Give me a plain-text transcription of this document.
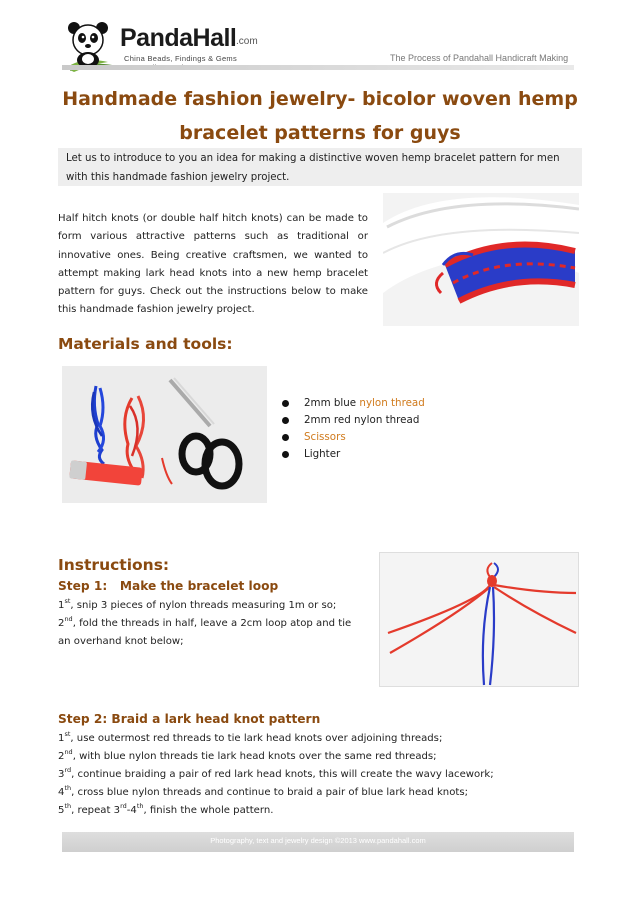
PandaHall .com
China Beads, Findings & Gems	The Process of Pandahall Handicraft Making
Handmade fashion jewelry- bicolor woven hemp bracelet patterns for guys
Let us to introduce to you an idea for making a distinctive woven hemp bracelet pattern for men with this handmade fashion jewelry project.
Half hitch knots (or double half hitch knots) can be made to form various attractive patterns such as traditional or innovative ones. Being creative craftsmen, we wanted to attempt making lark head knots into a new hemp bracelet pattern for guys. Check out the instructions below to make this handmade fashion jewelry project.
Materials and tools:
2mm blue nylon thread
2mm red nylon thread
Scissors
Lighter
Instructions:
Step 1:   Make the bracelet loop
1st, snip 3 pieces of nylon threads measuring 1m or so;
2nd, fold the threads in half, leave a 2cm loop atop and tie
an overhand knot below;
Step 2: Braid a lark head knot pattern
1st, use outermost red threads to tie lark head knots over adjoining threads;
2nd, with blue nylon threads tie lark head knots over the same red threads;
3rd, continue braiding a pair of red lark head knots, this will create the wavy lacework;
4th, cross blue nylon threads and continue to braid a pair of blue lark head knots;
5th, repeat 3rd-4th, finish the whole pattern.
Photography, text and jewelry design ©2013 www.pandahall.com
